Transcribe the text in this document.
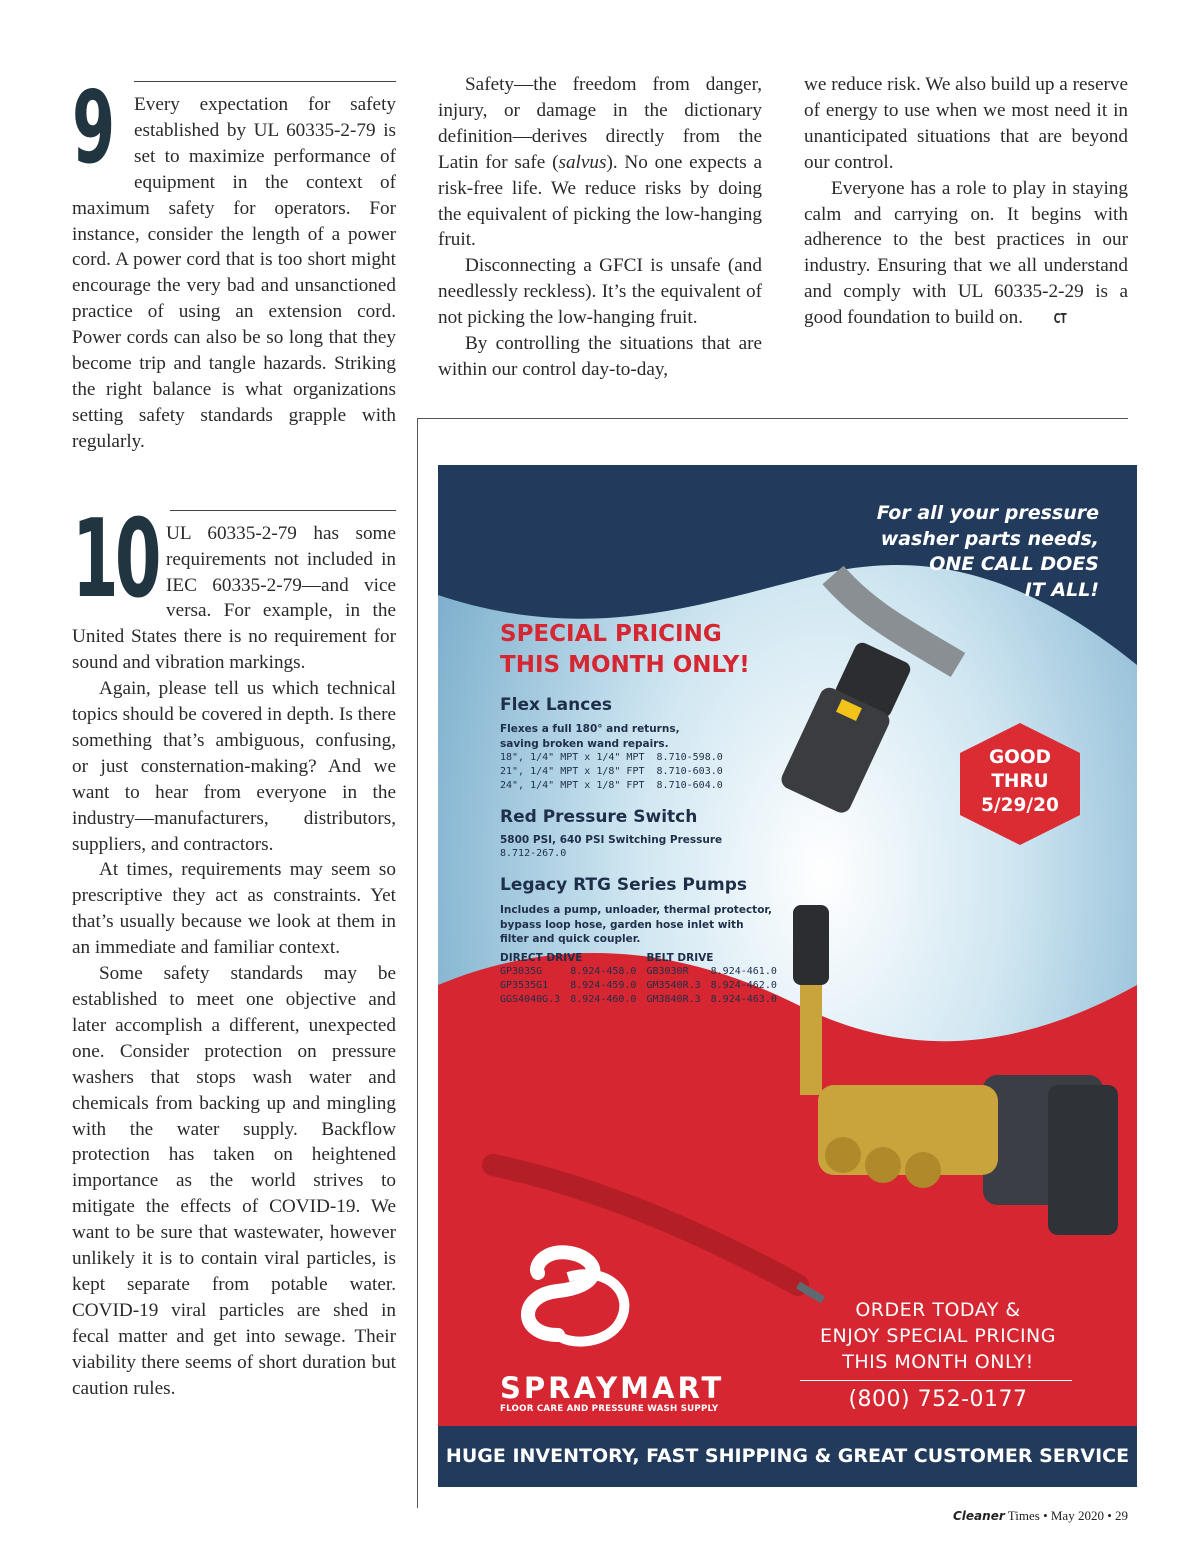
9 Every expectation for safety established by UL 60335-2-79 is set to maximize performance of equipment in the context of maximum safety for operators. For instance, consider the length of a power cord. A power cord that is too short might encourage the very bad and unsanctioned practice of using an extension cord. Power cords can also be so long that they become trip and tangle hazards. Striking the right balance is what organizations setting safety standards grapple with regularly.

10 UL 60335-2-79 has some requirements not included in IEC 60335-2-79—and vice versa. For example, in the United States there is no requirement for sound and vibration markings.

Again, please tell us which technical topics should be covered in depth. Is there something that’s ambiguous, confusing, or just consternation-making? And we want to hear from everyone in the industry—manufacturers, distributors, suppliers, and contractors.

At times, requirements may seem so prescriptive they act as constraints. Yet that’s usually because we look at them in an immediate and familiar context.

Some safety standards may be established to meet one objective and later accomplish a different, unexpected one. Consider protection on pressure washers that stops wash water and chemicals from backing up and mingling with the water supply. Backflow protection has taken on heightened importance as the world strives to mitigate the effects of COVID-19. We want to be sure that wastewater, however unlikely it is to contain viral particles, is kept separate from potable water. COVID-19 viral particles are shed in fecal matter and get into sewage. Their viability there seems of short duration but caution rules.

Safety—the freedom from danger, injury, or damage in the dictionary definition—derives directly from the Latin for safe (salvus). No one expects a risk-free life. We reduce risks by doing the equivalent of picking the low-hanging fruit.

Disconnecting a GFCI is unsafe (and needlessly reckless). It’s the equivalent of not picking the low-hanging fruit.

By controlling the situations that are within our control day-to-day,

we reduce risk. We also build up a reserve of energy to use when we most need it in unanticipated situations that are beyond our control.

Everyone has a role to play in staying calm and carrying on. It begins with adherence to the best practices in our industry. Ensuring that we all understand and comply with UL 60335-2-29 is a good foundation to build on. CT

For all your pressure
washer parts needs,
ONE CALL DOES
IT ALL!
SPECIAL PRICING
THIS MONTH ONLY!
Flex Lances
Flexes a full 180° and returns,
saving broken wand repairs.
18", 1/4" MPT x 1/4" MPT  8.710-598.0
21", 1/4" MPT x 1/8" FPT  8.710-603.0
24", 1/4" MPT x 1/8" FPT  8.710-604.0
Red Pressure Switch
5800 PSI, 640 PSI Switching Pressure
8.712-267.0
Legacy RTG Series Pumps
Includes a pump, unloader, thermal protector,
bypass loop hose, garden hose inlet with
filter and quick coupler.
DIRECT DRIVE		BELT DRIVE	
GP3035G	8.924-458.0	GB3030R	8.924-461.0
GP3535G1	8.924-459.0	GM3540R.3	8.924-462.0
GGS4040G.3	8.924-460.0	GM3840R.3	8.924-463.0
GOOD
THRU
5/29/20
ORDER TODAY &
ENJOY SPECIAL PRICING
THIS MONTH ONLY!
(800) 752-0177
SPRAYMART
FLOOR CARE AND PRESSURE WASH SUPPLY
HUGE INVENTORY, FAST SHIPPING & GREAT CUSTOMER SERVICE
Cleaner Times • May 2020 • 29
